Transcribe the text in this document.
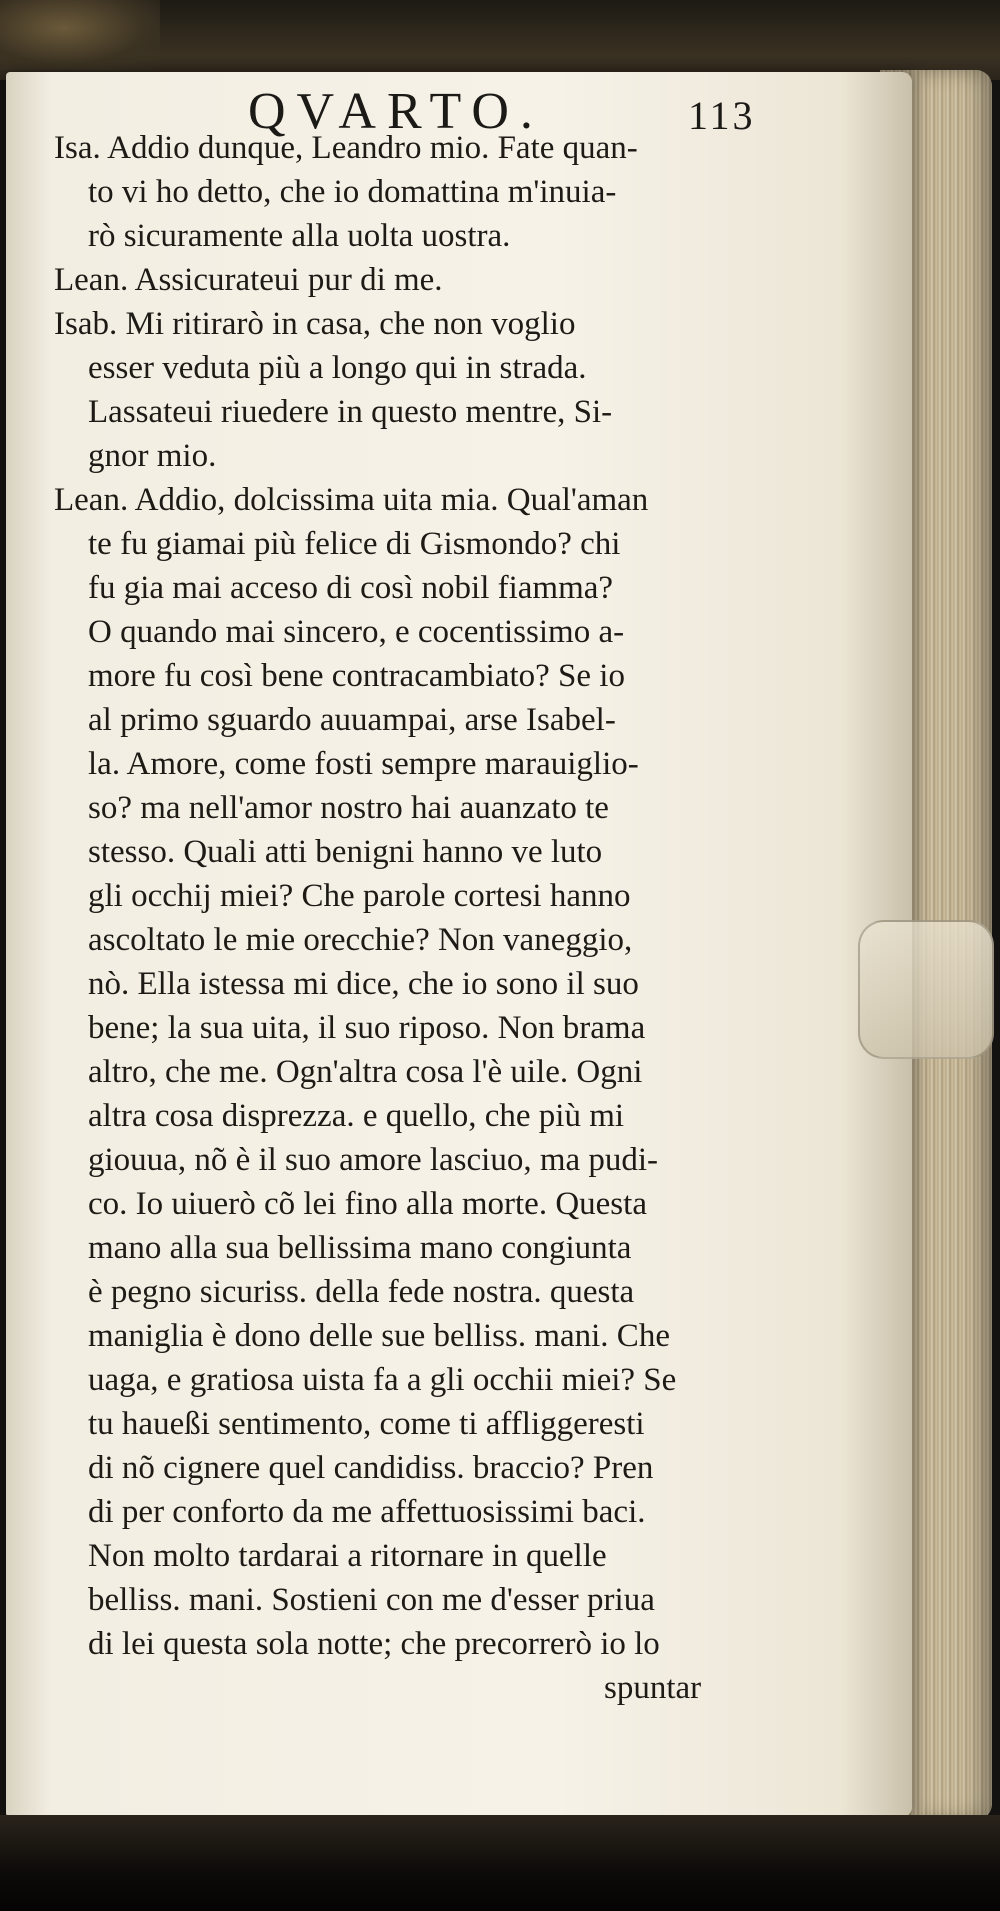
QVARTO.	113
Isa. Addio dunque, Leandro mio. Fate quan-
to vi ho detto, che io domattina m'inuia-
rò sicuramente alla uolta uostra.
Lean. Assicurateui pur di me.
Isab. Mi ritirarò in casa, che non voglio
esser veduta più a longo qui in strada.
Lassateui riuedere in questo mentre, Si-
gnor mio.
Lean. Addio, dolcissima uita mia. Qual'aman
te fu giamai più felice di Gismondo? chi
fu gia mai acceso di così nobil fiamma?
O quando mai sincero, e cocentissimo a-
more fu così bene contracambiato? Se io
al primo sguardo auuampai, arse Isabel-
la. Amore, come fosti sempre marauiglio-
so? ma nell'amor nostro hai auanzato te
stesso. Quali atti benigni hanno ve luto
gli occhij miei? Che parole cortesi hanno
ascoltato le mie orecchie? Non vaneggio,
nò. Ella istessa mi dice, che io sono il suo
bene; la sua uita, il suo riposo. Non brama
altro, che me. Ogn'altra cosa l'è uile. Ogni
altra cosa disprezza. e quello, che più mi
giouua, nõ è il suo amore lasciuo, ma pudi-
co. Io uiuerò cõ lei fino alla morte. Questa
mano alla sua bellissima mano congiunta
è pegno sicuriss. della fede nostra. questa
maniglia è dono delle sue belliss. mani. Che
uaga, e gratiosa uista fa a gli occhii miei? Se
tu haueßi sentimento, come ti affliggeresti
di nõ cignere quel candidiss. braccio? Pren
di per conforto da me affettuosissimi baci.
Non molto tardarai a ritornare in quelle
belliss. mani. Sostieni con me d'esser priua
di lei questa sola notte; che precorrerò io lo
spuntar
